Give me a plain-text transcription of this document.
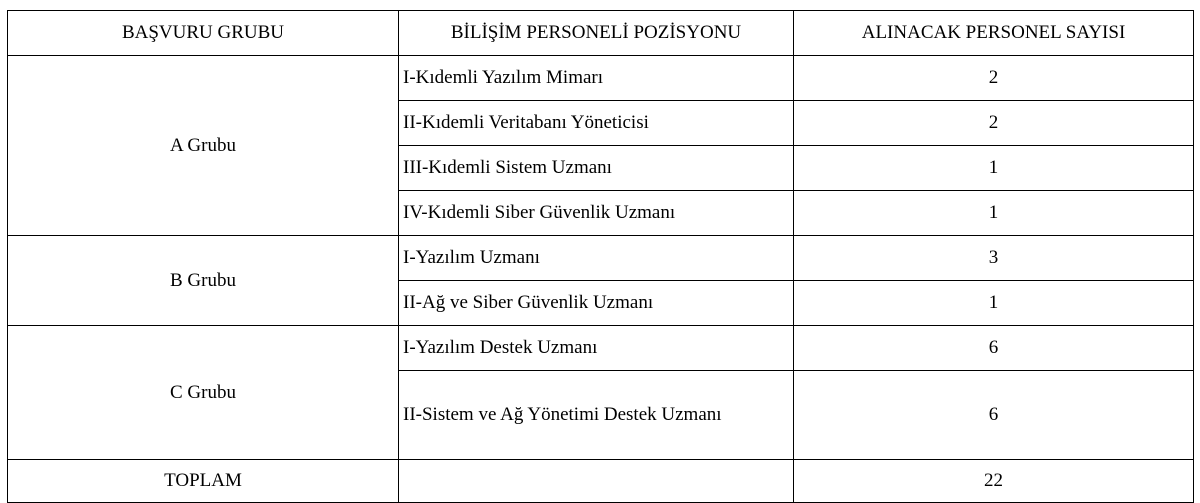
BAŞVURU GRUBU	BİLİŞİM PERSONELİ POZİSYONU	ALINACAK PERSONEL SAYISI
A Grubu	I-Kıdemli Yazılım Mimarı	2
	II-Kıdemli Veritabanı Yöneticisi	2
	III-Kıdemli Sistem Uzmanı	1
	IV-Kıdemli Siber Güvenlik Uzmanı	1
B Grubu	I-Yazılım Uzmanı	3
	II-Ağ ve Siber Güvenlik Uzmanı	1
C Grubu	I-Yazılım Destek Uzmanı	6
	II-Sistem ve Ağ Yönetimi Destek Uzmanı	6
TOPLAM		22
